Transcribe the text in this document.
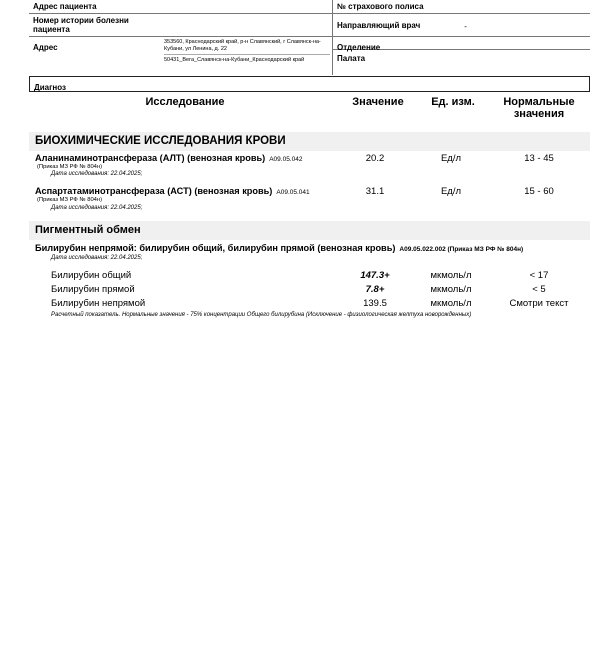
Адрес пациента	№ страхового полиса
Номер истории болезни пациента	Направляющий врач	-
Адрес
353560, Краснодарский край, р-н Славянский, г Славянск-на-Кубани, ул Ленина, д. 22
50431_Вега_Славянск-на-Кубани_Краснодарский край
Отделение
Палата
Диагноз
Исследование	Значение	Ед. изм.	Нормальные значения
БИОХИМИЧЕСКИЕ ИССЛЕДОВАНИЯ КРОВИ
Аланинаминотрансфераза (АЛТ) (венозная кровь) A09.05.042
(Приказ МЗ РФ № 804н)
Дата исследования: 22.04.2025;
20.2	Ед/л	13 - 45
Аспартатаминотрансфераза (АСТ) (венозная кровь) A09.05.041
(Приказ МЗ РФ № 804н)
Дата исследования: 22.04.2025;
31.1	Ед/л	15 - 60
Пигментный обмен
Билирубин непрямой: билирубин общий, билирубин прямой (венозная кровь) A09.05.022.002 (Приказ МЗ РФ № 804н)
Дата исследования: 22.04.2025;
Билирубин общий	147.3+	мкмоль/л	< 17
Билирубин прямой	7.8+	мкмоль/л	< 5
Билирубин непрямой	139.5	мкмоль/л	Смотри текст
Расчетный показатель. Нормальные значения - 75% концентрации Общего билирубина (Исключение - физиологическая желтуха новорожденных)
